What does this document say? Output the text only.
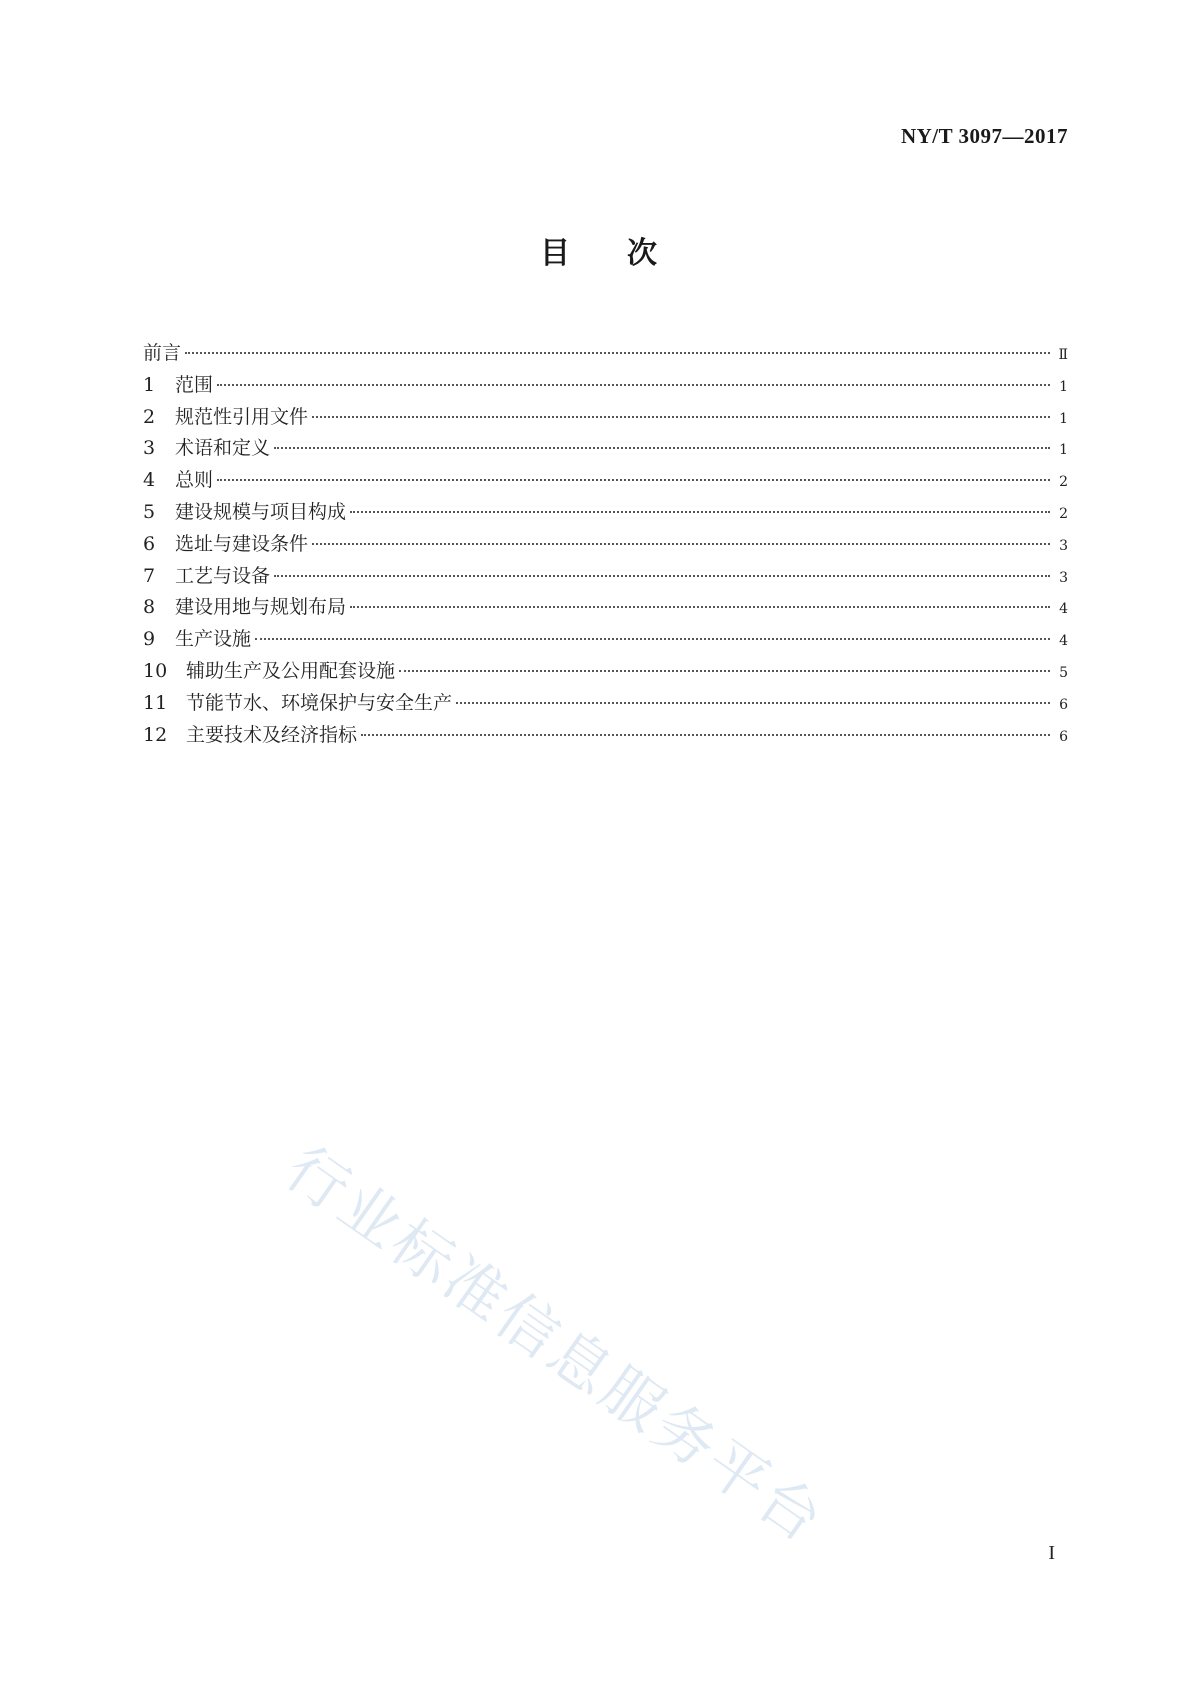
NY/T 3097—2017
目 次
前言	Ⅱ
1	范围	1
2	规范性引用文件	1
3	术语和定义	1
4	总则	2
5	建设规模与项目构成	2
6	选址与建设条件	3
7	工艺与设备	3
8	建设用地与规划布局	4
9	生产设施	4
10 辅助生产及公用配套设施	5
11 节能节水、环境保护与安全生产	6
12 主要技术及经济指标	6
行业标准信息服务平台	I
